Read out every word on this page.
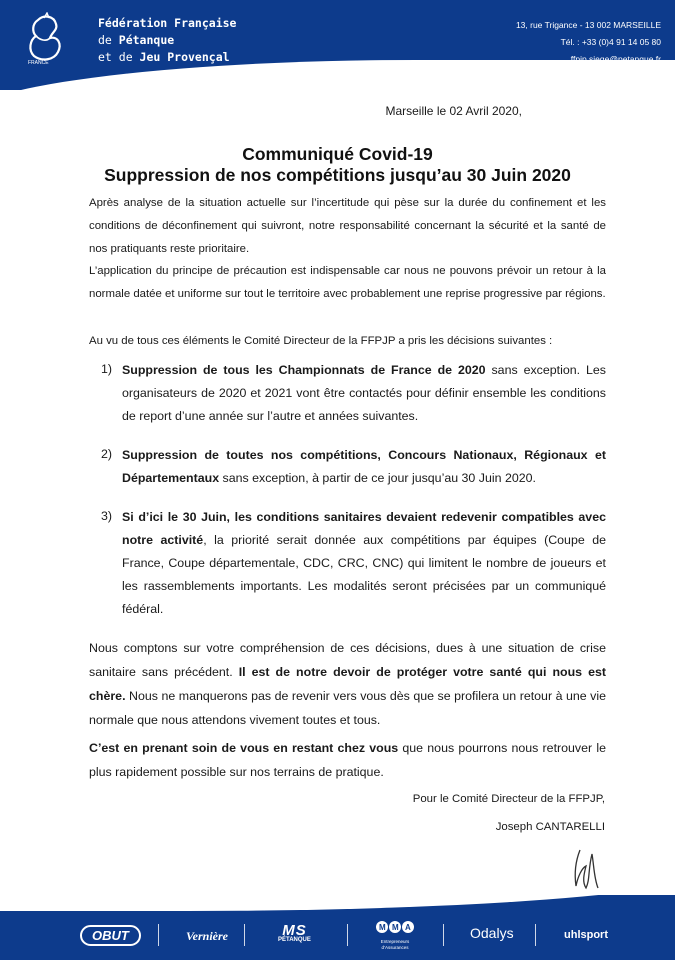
FRANCE
Fédération Française
de Pétanque
et de Jeu Provençal
13, rue Trigance - 13 002 MARSEILLE
Tél. : +33 (0)4 91 14 05 80
ffpjp.siege@petanque.fr
Marseille le 02 Avril 2020,
Communiqué Covid-19
Suppression de nos compétitions jusqu’au 30 Juin 2020
Après analyse de la situation actuelle sur l’incertitude qui pèse sur la durée du confinement et les conditions de déconfinement qui suivront, notre responsabilité concernant la sécurité et la santé de nos pratiquants reste prioritaire.
L’application du principe de précaution est indispensable car nous ne pouvons prévoir un retour à la normale datée et uniforme sur tout le territoire avec probablement une reprise progressive par régions.
Au vu de tous ces éléments le Comité Directeur de la FFPJP a pris les décisions suivantes :
1) Suppression de tous les Championnats de France de 2020 sans exception. Les organisateurs de 2020 et 2021 vont être contactés pour définir ensemble les conditions de report d’une année sur l’autre et années suivantes.
2) Suppression de toutes nos compétitions, Concours Nationaux, Régionaux et Départementaux sans exception, à partir de ce jour jusqu’au 30 Juin 2020.
3) Si d’ici le 30 Juin, les conditions sanitaires devaient redevenir compatibles avec notre activité, la priorité serait donnée aux compétitions par équipes (Coupe de France, Coupe départementale, CDC, CRC, CNC) qui limitent le nombre de joueurs et les rassemblements importants. Les modalités seront précisées par un communiqué fédéral.
Nous comptons sur votre compréhension de ces décisions, dues à une situation de crise sanitaire sans précédent. Il est de notre devoir de protéger votre santé qui nous est chère. Nous ne manquerons pas de revenir vers vous dès que se profilera un retour à une vie normale que nous attendons vivement toutes et tous.
C’est en prenant soin de vous en restant chez vous que nous pourrons nous retrouver le plus rapidement possible sur nos terrains de pratique.
Pour le Comité Directeur de la FFPJP,
Joseph CANTARELLI
OBUT	Vernière	MS
PÉTANQUE
M M A
Entrepreneurs d’Assurances
Odalys	uhlsport
